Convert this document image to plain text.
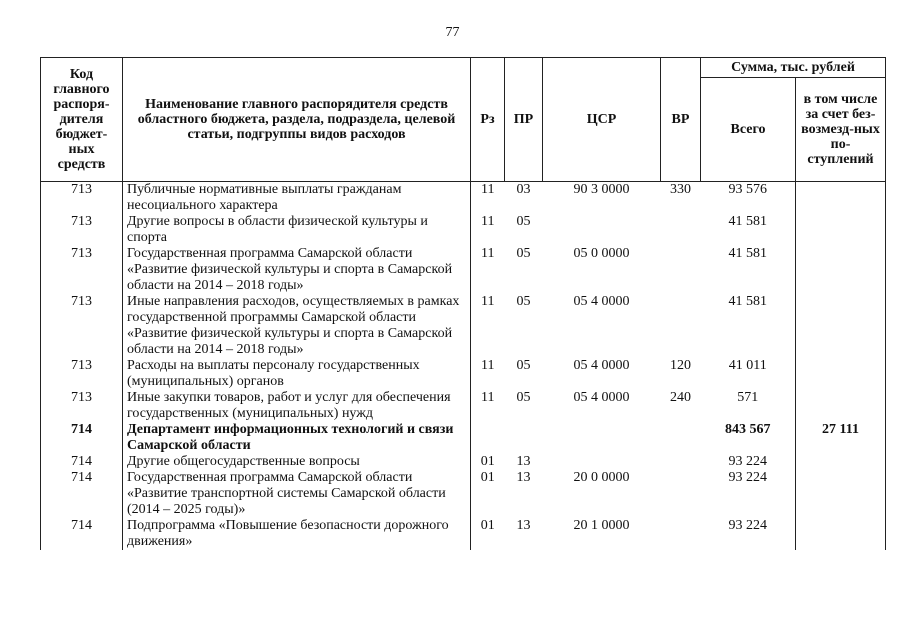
77
Код главного распоря-дителя бюджет-ных средств	Наименование главного распорядителя средств областного бюджета, раздела, подраздела, целевой статьи, подгруппы видов расходов	Рз	ПР	ЦСР	ВР	Сумма, тыс. рублей	
						Всего	в том числе за счет без-возмезд-ных по-ступлений
713	Публичные нормативные выплаты гражданам несоциального характера	11	03	90 3 0000	330	93 576	
713	Другие вопросы в области физической культуры и спорта	11	05			41 581	
713	Государственная программа Самарской области «Развитие физической культуры и спорта в Самарской области на 2014 – 2018 годы»	11	05	05 0 0000		41 581	
713	Иные направления расходов, осуществляемых в рамках государственной программы Самарской области «Развитие физической культуры и спорта в Самарской области на 2014 – 2018 годы»	11	05	05 4 0000		41 581	
713	Расходы на выплаты персоналу государственных (муниципальных) органов	11	05	05 4 0000	120	41 011	
713	Иные закупки товаров, работ и услуг для обеспечения государственных (муниципальных) нужд	11	05	05 4 0000	240	571	
714	Департамент информационных технологий и связи Самарской области					843 567	27 111
714	Другие общегосударственные вопросы	01	13			93 224	
714	Государственная программа Самарской области «Развитие транспортной системы Самарской области (2014 – 2025 годы)»	01	13	20 0 0000		93 224	
714	Подпрограмма «Повышение безопасности дорожного движения»	01	13	20 1 0000		93 224	
